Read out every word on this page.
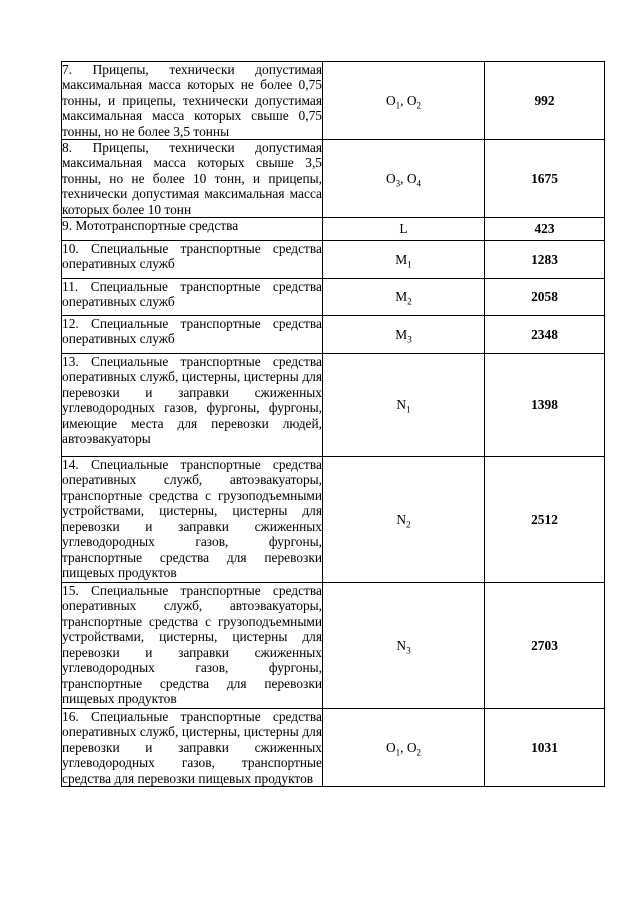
7. Прицепы, технически допустимая максимальная масса которых не более 0,75 тонны, и прицепы, технически допустимая максимальная масса которых свыше 0,75 тонны, но не более 3,5 тонны	$O_1$, $O_2$	992
8. Прицепы, технически допустимая максимальная масса которых свыше 3,5 тонны, но не более 10 тонн, и прицепы, технически допустимая максимальная масса которых более 10 тонн	$O_3$, $O_4$	1675
9. Мототранспортные средства	L	423
10. Специальные транспортные средства оперативных служб	$M_1$	1283
11. Специальные транспортные средства оперативных служб	$M_2$	2058
12. Специальные транспортные средства оперативных служб	$M_3$	2348
13. Специальные транспортные средства оперативных служб, цистерны, цистерны для перевозки и заправки сжиженных углеводородных газов, фургоны, фургоны, имеющие места для перевозки людей, автоэвакуаторы	$N_1$	1398
14. Специальные транспортные средства оперативных служб, автоэвакуаторы, транспортные средства с грузоподъемными устройствами, цистерны, цистерны для перевозки и заправки сжиженных углеводородных газов, фургоны, транспортные средства для перевозки пищевых продуктов	$N_2$	2512
15. Специальные транспортные средства оперативных служб, автоэвакуаторы, транспортные средства с грузоподъемными устройствами, цистерны, цистерны для перевозки и заправки сжиженных углеводородных газов, фургоны, транспортные средства для перевозки пищевых продуктов	$N_3$	2703
16. Специальные транспортные средства оперативных служб, цистерны, цистерны для перевозки и заправки сжиженных углеводородных газов, транспортные средства для перевозки пищевых продуктов	$O_1$, $O_2$	1031
